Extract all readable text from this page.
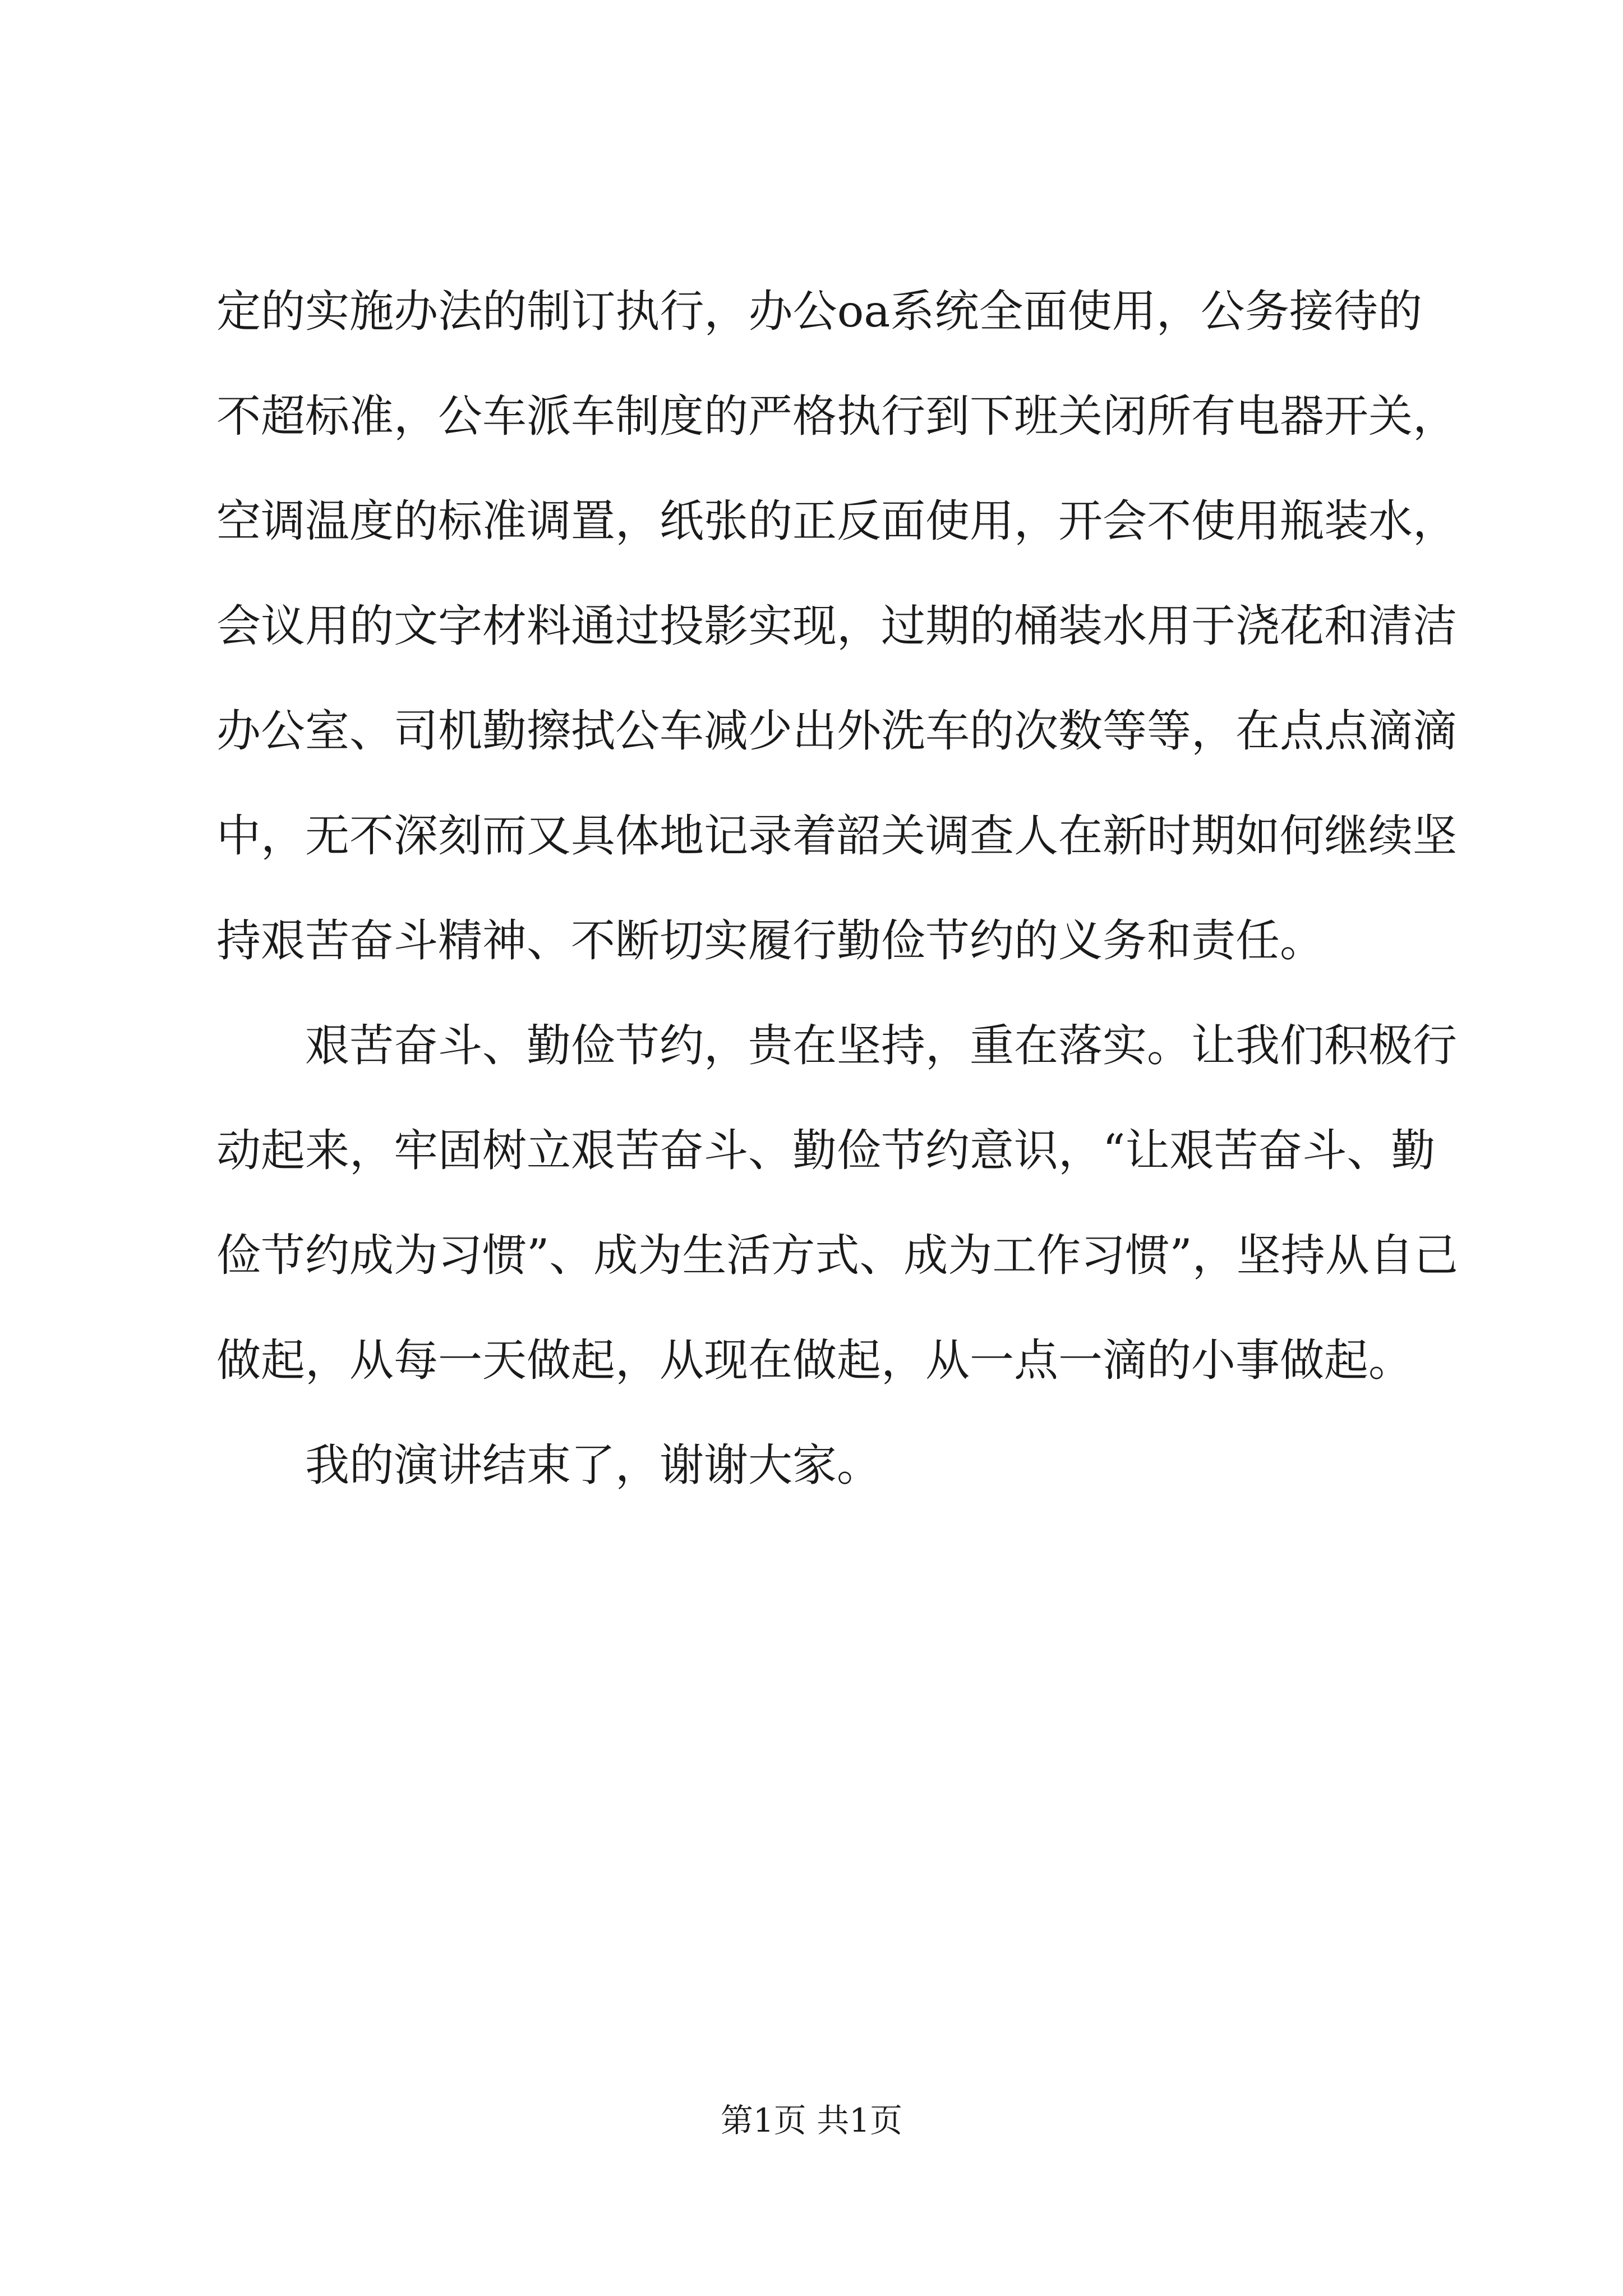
定的实施办法的制订执行，办公oa系统全面使用，公务接待的
不超标准，公车派车制度的严格执行到下班关闭所有电器开关，
空调温度的标准调置，纸张的正反面使用，开会不使用瓶装水，
会议用的文字材料通过投影实现，过期的桶装水用于浇花和清洁
办公室、司机勤擦拭公车减少出外洗车的次数等等，在点点滴滴
中，无不深刻而又具体地记录着韶关调查人在新时期如何继续坚
持艰苦奋斗精神、不断切实履行勤俭节约的义务和责任。

艰苦奋斗、勤俭节约，贵在坚持，重在落实。让我们积极行
动起来，牢固树立艰苦奋斗、勤俭节约意识，“让艰苦奋斗、勤
俭节约成为习惯”、成为生活方式、成为工作习惯”，坚持从自己
做起，从每一天做起，从现在做起，从一点一滴的小事做起。

我的演讲结束了，谢谢大家。

第1页 共1页
